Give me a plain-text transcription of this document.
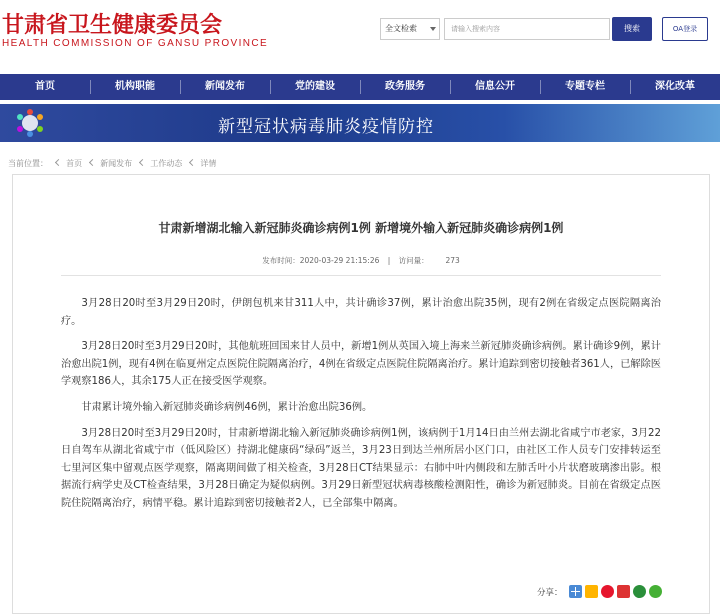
甘肃省卫生健康委员会
HEALTH COMMISSION OF GANSU PROVINCE
全文检索	请输入搜索内容	搜索	OA登录
首页	机构职能	新闻发布	党的建设	政务服务	信息公开	专题专栏	深化改革
新型冠状病毒肺炎疫情防控
当前位置： 首页 新闻发布 工作动态 详情
甘肃新增湖北输入新冠肺炎确诊病例1例 新增境外输入新冠肺炎确诊病例1例
发布时间：2020-03-29 21:15:26 | 访问量： 273

3月28日20时至3月29日20时，伊朗包机来甘311人中，共计确诊37例，累计治愈出院35例，现有2例在省级定点医院隔离治疗。

3月28日20时至3月29日20时，其他航班回国来甘人员中，新增1例从英国入境上海来兰新冠肺炎确诊病例。累计确诊9例，累计治愈出院1例，现有4例在临夏州定点医院住院隔离治疗，4例在省级定点医院住院隔离治疗。累计追踪到密切接触者361人，已解除医学观察186人，其余175人正在接受医学观察。

甘肃累计境外输入新冠肺炎确诊病例46例，累计治愈出院36例。

3月28日20时至3月29日20时，甘肃新增湖北输入新冠肺炎确诊病例1例，该病例于1月14日由兰州去湖北省咸宁市老家，3月22日自驾车从湖北省咸宁市（低风险区）持湖北健康码“绿码”返兰，3月23日到达兰州所居小区门口，由社区工作人员专门安排转运至七里河区集中留观点医学观察，隔离期间做了相关检查，3月28日CT结果显示：右肺中叶内侧段和左肺舌叶小片状磨玻璃渗出影。根据流行病学史及CT检查结果，3月28日确定为疑似病例。3月29日新型冠状病毒核酸检测阳性，确诊为新冠肺炎。目前在省级定点医院住院隔离治疗，病情平稳。累计追踪到密切接触者2人，已全部集中隔离。

分享：
